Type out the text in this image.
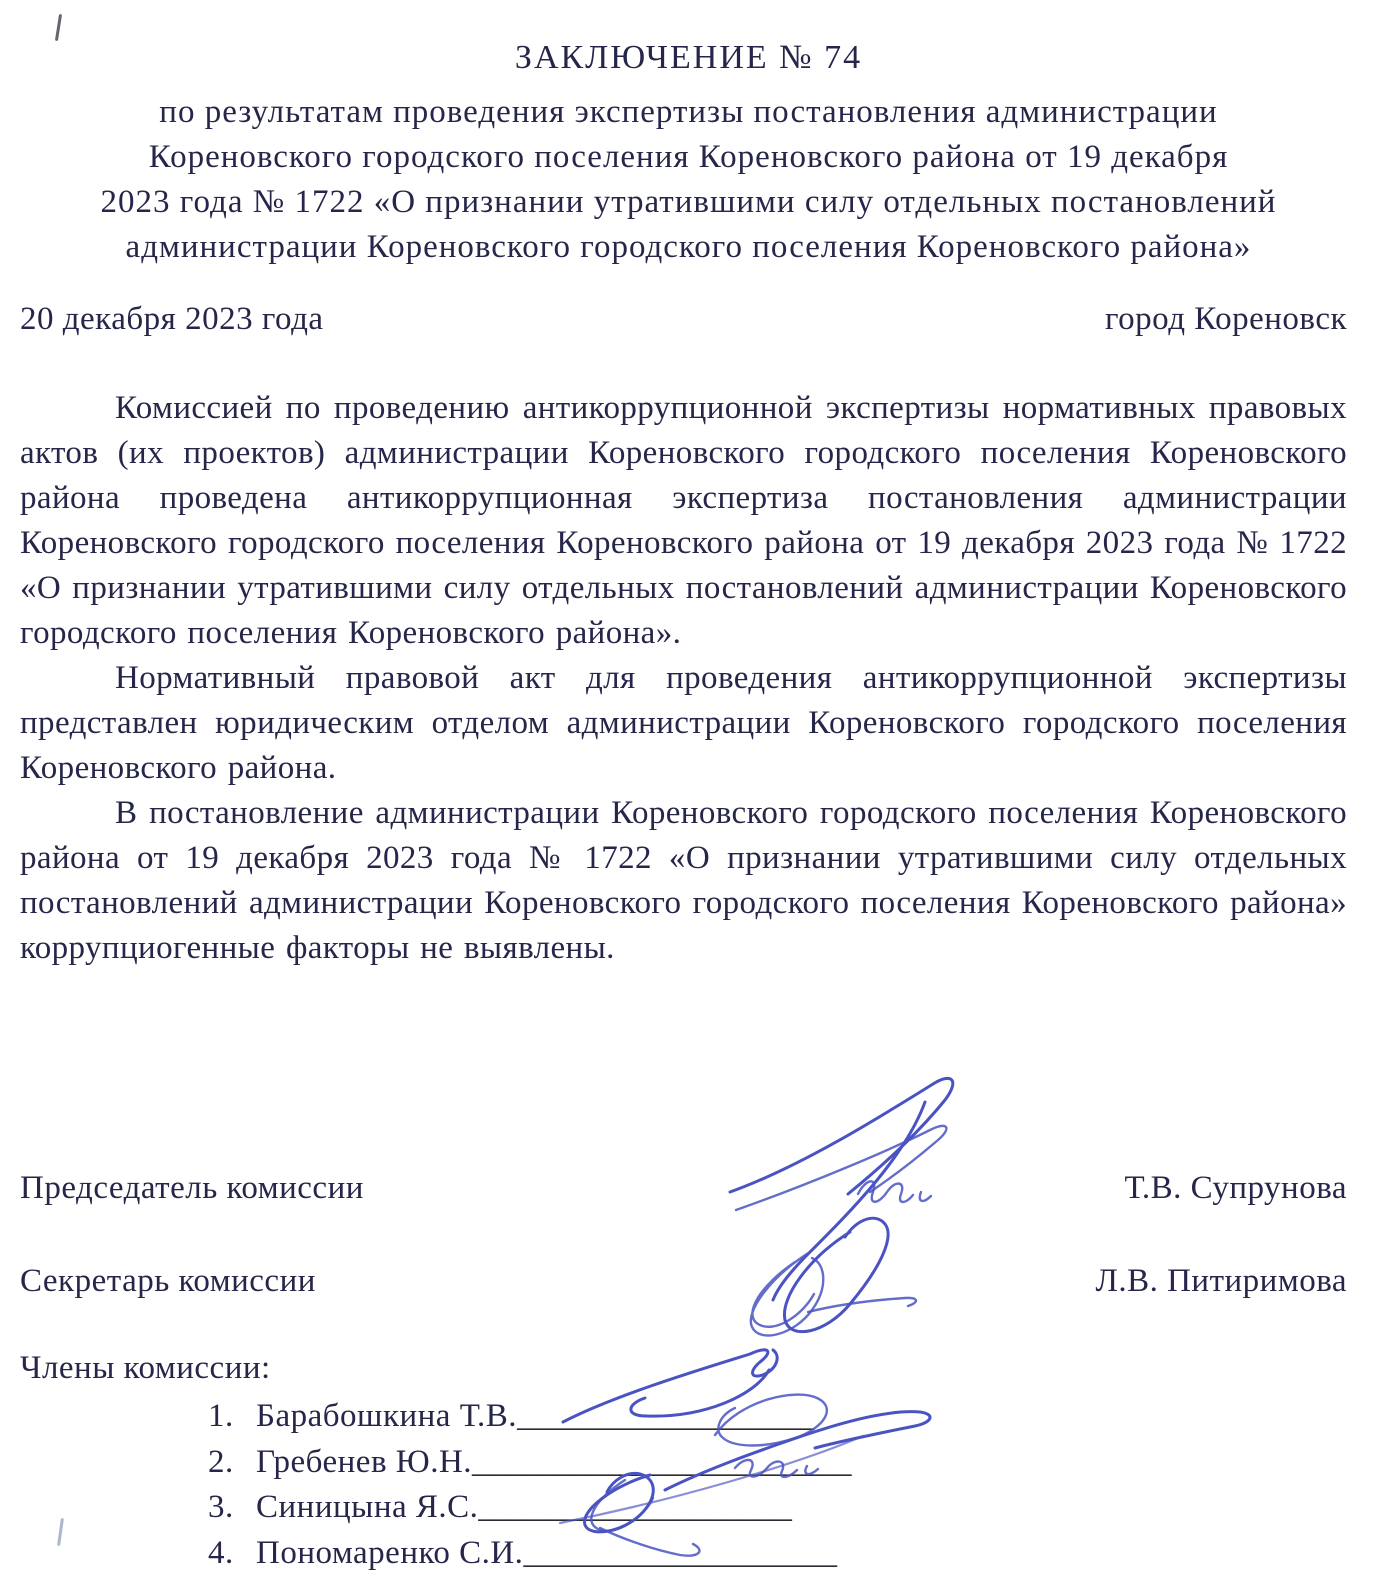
ЗАКЛЮЧЕНИЕ № 74
по результатам проведения экспертизы постановления администрации
Кореновского городского поселения Кореновского района от 19 декабря
2023 года № 1722 «О признании утратившими силу отдельных постановлений
администрации Кореновского городского поселения Кореновского района»
20 декабря 2023 года	город Кореновск

Комиссией по проведению антикоррупционной экспертизы нормативных правовых актов (их проектов) администрации Кореновского городского поселения Кореновского района проведена антикоррупционная экспертиза постановления администрации Кореновского городского поселения Кореновского района от 19 декабря 2023 года № 1722 «О признании утратившими силу отдельных постановлений администрации Кореновского городского поселения Кореновского района».

Нормативный правовой акт для проведения антикоррупционной экспертизы представлен юридическим отделом администрации Кореновского городского поселения Кореновского района.

В постановление администрации Кореновского городского поселения Кореновского района от 19 декабря 2023 года № 1722 «О признании утратившими силу отдельных постановлений администрации Кореновского городского поселения Кореновского района» коррупциогенные факторы не выявлены.

Председатель комиссии	Т.В. Супрунова
Секретарь комиссии	Л.В. Питиримова
Члены комиссии:
1. Барабошкина Т.В.__________________
2. Гребенев Ю.Н._______________________
3. Синицына Я.С.___________________
4. Пономаренко С.И.___________________
